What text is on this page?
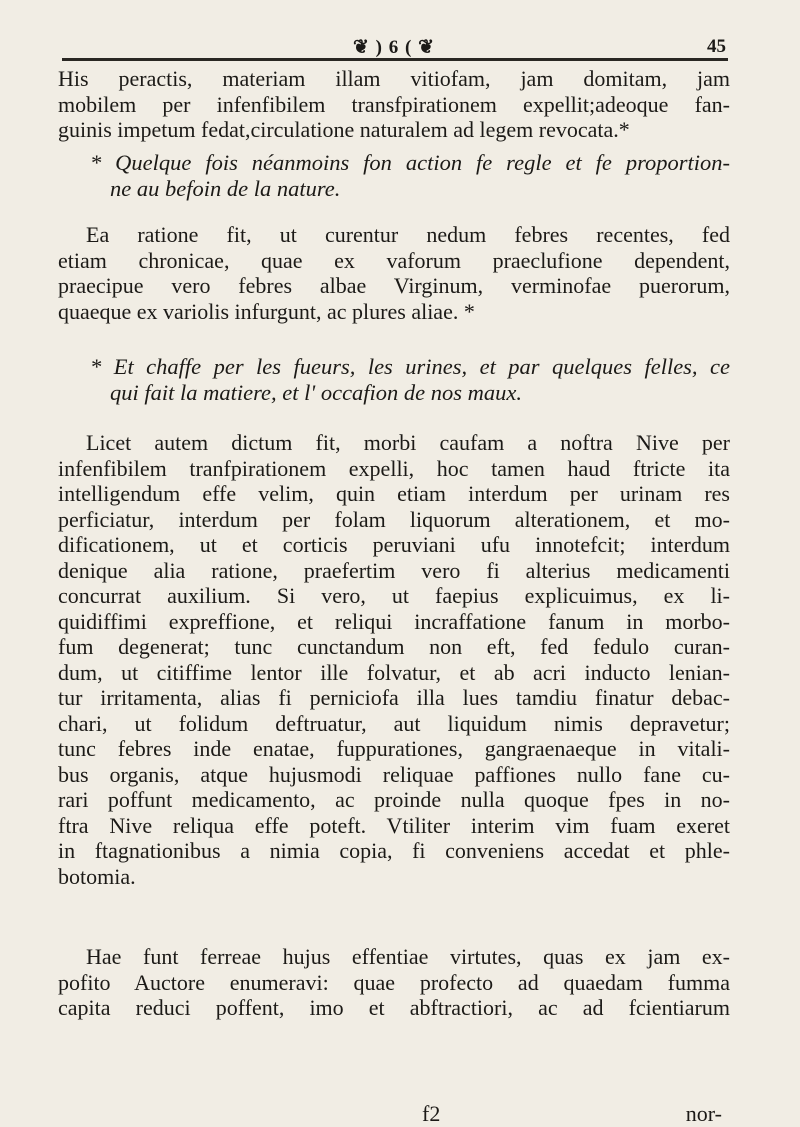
❦ ) 6 ( ❦	45
His peractis, materiam illam vitiofam, jam domitam, jam
mobilem per infenfibilem transfpirationem expellit;adeoque fan-
guinis impetum fedat,circulatione naturalem ad legem revocata.*
* Quelque fois néanmoins fon action fe regle et fe proportion-
ne au befoin de la nature.
Ea ratione fit, ut curentur nedum febres recentes, fed
etiam chronicae, quae ex vaforum praeclufione dependent,
praecipue vero febres albae Virginum, verminofae puerorum,
quaeque ex variolis infurgunt, ac plures aliae. *
* Et chaffe per les fueurs, les urines, et par quelques felles, ce
qui fait la matiere, et l' occafion de nos maux.
Licet autem dictum fit, morbi caufam a noftra Nive per
infenfibilem tranfpirationem expelli, hoc tamen haud ftricte ita
intelligendum effe velim, quin etiam interdum per urinam res
perficiatur, interdum per folam liquorum alterationem, et mo-
dificationem, ut et corticis peruviani ufu innotefcit; interdum
denique alia ratione, praefertim vero fi alterius medicamenti
concurrat auxilium. Si vero, ut faepius explicuimus, ex li-
quidiffimi expreffione, et reliqui incraffatione fanum in morbo-
fum degenerat; tunc cunctandum non eft, fed fedulo curan-
dum, ut citiffime lentor ille folvatur, et ab acri inducto lenian-
tur irritamenta, alias fi perniciofa illa lues tamdiu finatur debac-
chari, ut folidum deftruatur, aut liquidum nimis depravetur;
tunc febres inde enatae, fuppurationes, gangraenaeque in vitali-
bus organis, atque hujusmodi reliquae paffiones nullo fane cu-
rari poffunt medicamento, ac proinde nulla quoque fpes in no-
ftra Nive reliqua effe poteft. Vtiliter interim vim fuam exeret
in ftagnationibus a nimia copia, fi conveniens accedat et phle-
botomia.
Hae funt ferreae hujus effentiae virtutes, quas ex jam ex-
pofito Auctore enumeravi: quae profecto ad quaedam fumma
capita reduci poffent, imo et abftractiori, ac ad fcientiarum
f2	nor-
